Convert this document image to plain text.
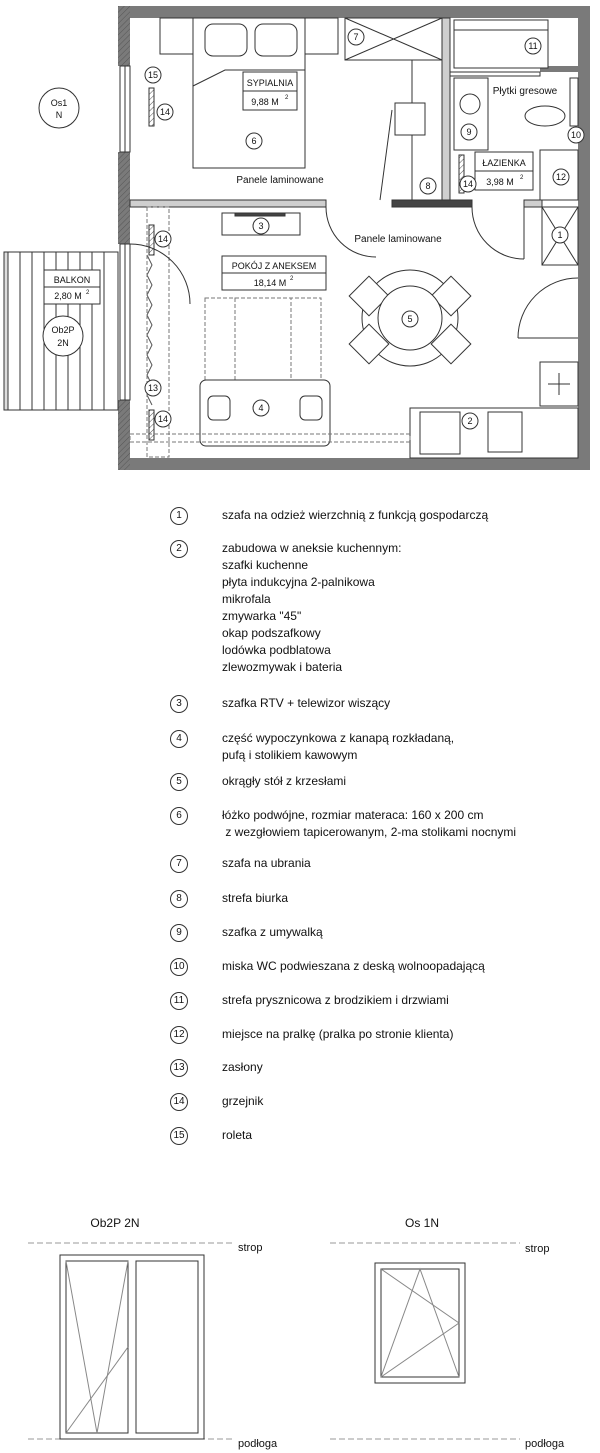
BALKON
2,80 M 2
Os1
N
Ob2P
2N
SYPIALNIA
9,88 M 2
ŁAZIENKA
3,98 M 2
POKÓJ Z ANEKSEM
18,14 M 2
Panele laminowane
Panele laminowane
Płytki gresowe
1
2
3
4
5
6
7
8
9	10
11
12
13
14
14
14
14
15
1	szafa na odzież wierzchnią z funkcją gospodarczą
2	zabudowa w aneksie kuchennym:
szafki kuchenne
płyta indukcyjna 2-palnikowa
mikrofala
zmywarka "45"
okap podszafkowy
lodówka podblatowa
zlewozmywak i bateria
3	szafka RTV + telewizor wiszący
4	część wypoczynkowa z kanapą rozkładaną,
pufą i stolikiem kawowym
5	okrągły stół z krzesłami
6	łóżko podwójne, rozmiar materaca: 160 x 200 cm
z wezgłowiem tapicerowanym, 2-ma stolikami nocnymi
7	szafa na ubrania
8	strefa biurka
9	szafka z umywalką
10	miska WC podwieszana z deską wolnoopadającą
11	strefa prysznicowa z brodzikiem i drzwiami
12	miejsce na pralkę (pralka po stronie klienta)
13	zasłony
14	grzejnik
15	roleta
Ob2P 2N	Os 1N
strop	strop
podłoga	podłoga
